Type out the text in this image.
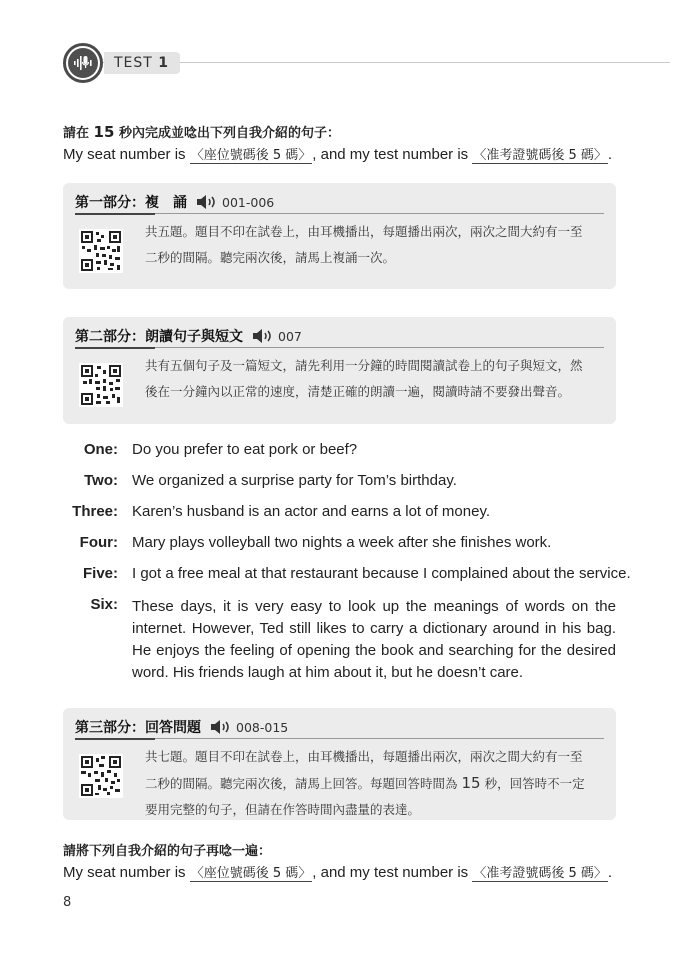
TEST 1
請在 15 秒內完成並唸出下列自我介紹的句子：
My seat number is 〈座位號碼後 5 碼〉, and my test number is 〈准考證號碼後 5 碼〉.
第一部分：複　誦	001-006
共五題。題目不印在試卷上，由耳機播出，每題播出兩次，兩次之間大約有一至
二秒的間隔。聽完兩次後，請馬上複誦一次。
第二部分：朗讀句子與短文	007
共有五個句子及一篇短文，請先利用一分鐘的時間閱讀試卷上的句子與短文，然
後在一分鐘內以正常的速度，清楚正確的朗讀一遍，閱讀時請不要發出聲音。
One: Do you prefer to eat pork or beef?
Two: We organized a surprise party for Tom’s birthday.
Three: Karen’s husband is an actor and earns a lot of money.
Four: Mary plays volleyball two nights a week after she finishes work.
Five: I got a free meal at that restaurant because I complained about the service.
Six: These days, it is very easy to look up the meanings of words on the internet. However, Ted still likes to carry a dictionary around in his bag. He enjoys the feeling of opening the book and searching for the desired word. His friends laugh at him about it, but he doesn’t care.
第三部分：回答問題	008-015
共七題。題目不印在試卷上，由耳機播出，每題播出兩次，兩次之間大約有一至
二秒的間隔。聽完兩次後，請馬上回答。每題回答時間為 15 秒，回答時不一定
要用完整的句子，但請在作答時間內盡量的表達。
請將下列自我介紹的句子再唸一遍：
My seat number is 〈座位號碼後 5 碼〉, and my test number is 〈准考證號碼後 5 碼〉.
8
